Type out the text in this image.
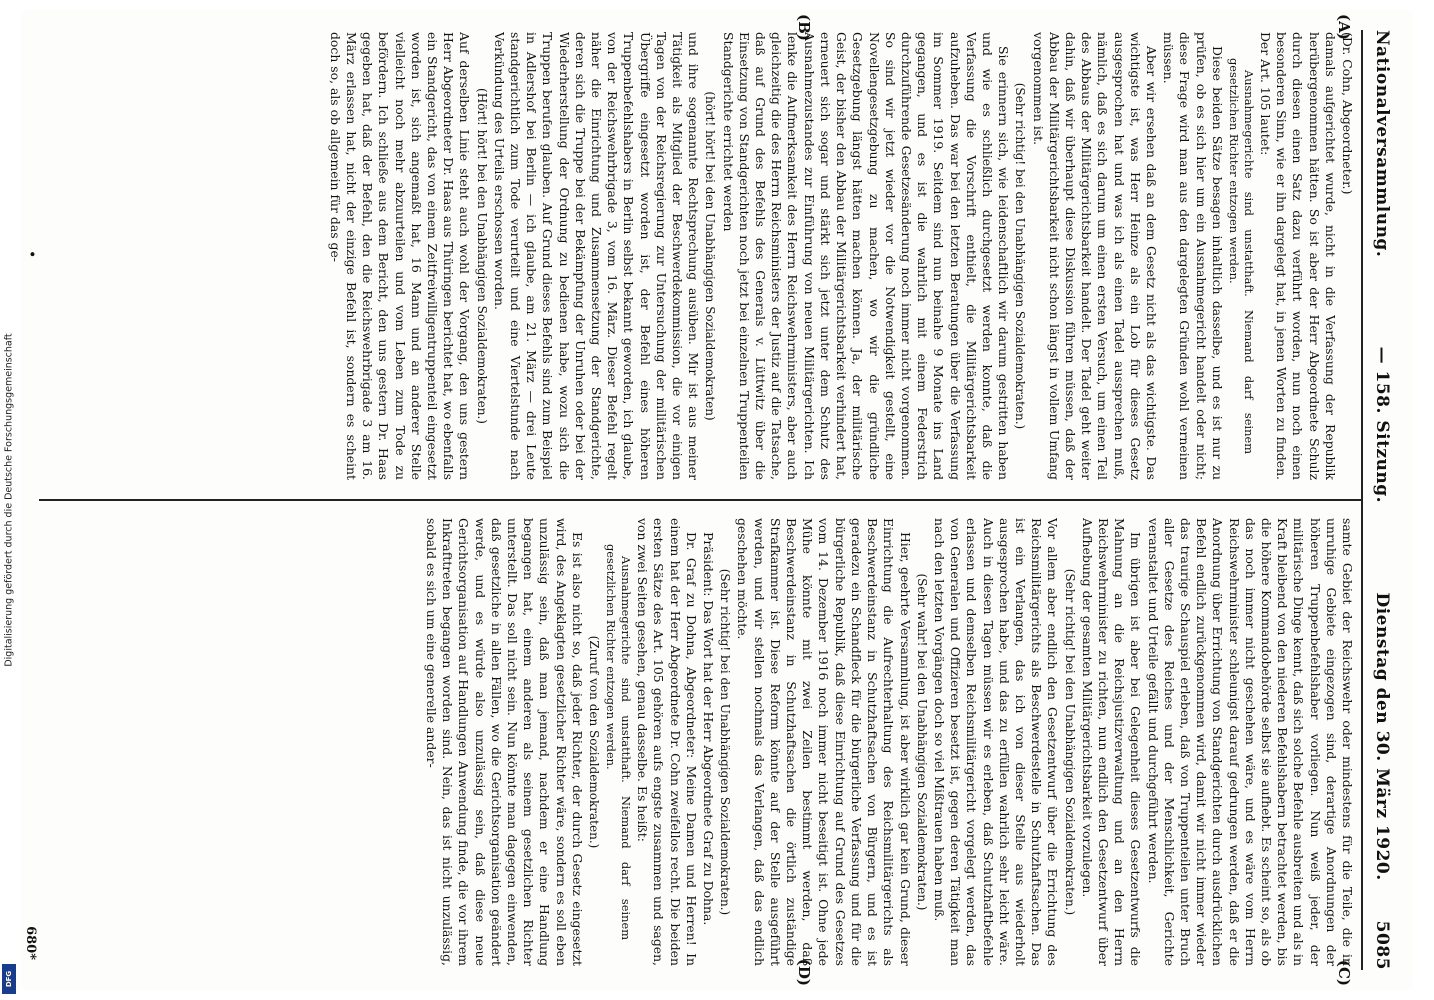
Digitalisierung gefördert durch die Deutsche Forschungsgemeinschaft
DFG
Nationalversammlung.
— 158. Sitzung.
Dienstag den 30. März 1920.
5085
(A)
(B)
(C)
(D)

(Dr. Cohn, Abgeordneter.)

damals aufgerichtet wurde, nicht in die Verfassung der Republik herübergenommen hätten. So ist aber der Herr Abgeordnete Schulz durch diesen einen Satz dazu verführt worden, nun noch einen besonderen Sinn, wie er ihn dargelegt hat, in jenen Worten zu finden. Der Art. 105 lautet:

Ausnahmegerichte sind unstatthaft. Niemand darf seinem gesetzlichen Richter entzogen werden.

Diese beiden Sätze besagen inhaltlich dasselbe, und es ist nur zu prüfen, ob es sich hier um ein Ausnahmegericht handelt oder nicht; diese Frage wird man aus den dargelegten Gründen wohl verneinen müssen.

Aber wir ersehen daß an dem Gesetz nicht als das wichtigste. Das wichtigste ist, was Herr Heinze als ein Lob für dieses Gesetz ausgesprochen hat und was ich als einen Tadel aussprechen muß, nämlich, daß es sich darum um einen ersten Versuch, um einen Teil des Abbaus der Militärgerichtsbarkeit handelt. Der Tadel geht weiter dahin, daß wir überhaupt diese Diskussion führen müssen, daß der Abbau der Militärgerichtsbarkeit nicht schon längst in vollem Umfang vorgenommen ist.

(Sehr richtig! bei den Unabhängigen Sozialdemokraten.)

Sie erinnern sich, wie leidenschaftlich wir darum gestritten haben und wie es schließlich durchgesetzt werden konnte, daß die Verfassung die Vorschrift enthielt, die Militärgerichtsbarkeit aufzuheben. Das war bei den letzten Beratungen über die Verfassung im Sommer 1919. Seitdem sind nun beinahe 9 Monate ins Land gegangen, und es ist die wahrlich mit einem Federstrich durchzuführende Gesetzesänderung noch immer nicht vorgenommen. So sind wir jetzt wieder vor die Notwendigkeit gestellt, eine Novellengesetzgebung zu machen, wo wir die gründliche Gesetzgebung längst hätten machen können. Ja, der militärische Geist, der bisher den Abbau der Militärgerichtsbarkeit verhindert hat, erneuert sich sogar und stärkt sich jetzt unter dem Schutz des Ausnahmezustandes zur Einführung von neuen Militärgerichten. Ich lenke die Aufmerksamkeit des Herrn Reichswehrministers, aber auch gleichzeitig die des Herrn Reichsministers der Justiz auf die Tatsache, daß auf Grund des Befehls des Generals v. Lüttwitz über die Einsetzung von Standgerichten noch jetzt bei einzelnen Truppenteilen Standgerichte errichtet werden

(hört! hört! bei den Unabhängigen Sozialdemokraten)

und ihre sogenannte Rechtsprechung ausüben. Mir ist aus meiner Tätigkeit als Mitglied der Beschwerdekommission, die vor einigen Tagen von der Reichsregierung zur Untersuchung der militärischen Übergriffe eingesetzt worden ist, der Befehl eines höheren Truppenbefehlshabers in Berlin selbst bekannt geworden, ich glaube, von der Reichswehrbrigade 3, vom 16. März. Dieser Befehl regelt näher die Einrichtung und Zusammensetzung der Standgerichte, deren sich die Truppe bei der Bekämpfung der Unruhen oder bei der Wiederherstellung der Ordnung zu bedienen habe, wozu sich die Truppen berufen glauben. Auf Grund dieses Befehls sind zum Beispiel in Adlershof bei Berlin — ich glaube, am 21. März — drei Leute standgerichtlich zum Tode verurteilt und eine Viertelstunde nach Verkündung des Urteils erschossen worden.

(Hört! hört! bei den Unabhängigen Sozialdemokraten.)

Auf derselben Linie steht auch wohl der Vorgang, den uns gestern Herr Abgeordneter Dr. Haas aus Thüringen berichtet hat, wo ebenfalls ein Standgericht, das von einem Zeitfreiwilligentruppenteil eingesetzt worden ist, sich angemaßt hat, 16 Mann und an anderer Stelle vielleicht noch mehr abzuurteilen und vom Leben zum Tode zu befördern. Ich schließe aus dem Bericht, den uns gestern Dr. Haas gegeben hat, daß der Befehl, den die Reichswehrbrigade 3 am 16. März erlassen hat, nicht der einzige Befehl ist, sondern es scheint doch so, als ob allgemein für das ge-

samte Gebiet der Reichswehr oder mindestens für die Teile, die in unruhige Gebiete eingezogen sind, derartige Anordnungen der höheren Truppenbefehlshaber vorliegen. Nun weiß jeder, der militärische Dinge kennt, daß sich solche Befehle ausbreiten und als in Kraft bleibend von den niederen Befehlshabern betrachtet werden, bis die höhere Kommandobehörde selbst sie aufhebt. Es scheint so, als ob das noch immer nicht geschehen wäre, und es wäre vom Herrn Reichswehrminister schleunigst darauf gedrungen werden, daß er die Anordnung über Errichtung von Standgerichten durch ausdrücklichen Befehl endlich zurückgenommen wird, damit wir nicht immer wieder das traurige Schauspiel erleben, daß von Truppenteilen unter Bruch aller Gesetze des Reiches und der Menschlichkeit, Gerichte veranstaltet und Urteile gefällt und durchgeführt werden.

Im übrigen ist aber bei Gelegenheit dieses Gesetzentwurfs die Mahnung an die Reichsjustizverwaltung und an den Herrn Reichswehrminister zu richten, nun endlich den Gesetzentwurf über Aufhebung der gesamten Militärgerichtsbarkeit vorzulegen.

(Sehr richtig! bei den Unabhängigen Sozialdemokraten.)

Vor allem aber endlich den Gesetzentwurf über die Errichtung des Reichsmilitärgerichts als Beschwerdestelle in Schutzhaftsachen. Das ist ein Verlangen, das ich von dieser Stelle aus wiederholt ausgesprochen habe, und das zu erfüllen wahrlich sehr leicht wäre. Auch in diesen Tagen müssen wir es erleben, daß Schutzhaftbefehle erlassen und demselben Reichsmilitärgericht vorgelegt werden, das von Generalen und Offizieren besetzt ist, gegen deren Tätigkeit man nach den letzten Vorgängen doch so viel Mißtrauen haben muß.

(Sehr wahr! bei den Unabhängigen Sozialdemokraten.)

Hier, geehrte Versammlung, ist aber wirklich gar kein Grund, dieser Einrichtung die Aufrechterhaltung des Reichsmilitärgerichts als Beschwerdeinstanz in Schutzhaftsachen von Bürgern, und es ist geradezu ein Schandfleck für die bürgerliche Verfassung und für die bürgerliche Republik, daß diese Einrichtung auf Grund des Gesetzes vom 14. Dezember 1916 noch immer nicht beseitigt ist. Ohne jede Mühe könnte mit zwei Zeilen bestimmt werden, daß Beschwerdeinstanz in Schutzhaftsachen die örtlich zuständige Strafkammer ist. Diese Reform könnte auf der Stelle ausgeführt werden, und wir stellen nochmals das Verlangen, daß das endlich geschehen möchte.

(Sehr richtig! bei den Unabhängigen Sozialdemokraten.)

Präsident: Das Wort hat der Herr Abgeordnete Graf zu Dohna.

Dr. Graf zu Dohna, Abgeordneter: Meine Damen und Herren! In einem hat der Herr Abgeordnete Dr. Cohn zweifellos recht. Die beiden ersten Sätze des Art. 105 gehören aufs engste zusammen und sagen, von zwei Seiten gesehen, genau dasselbe. Es heißt:

Ausnahmegerichte sind unstatthaft. Niemand darf seinem gesetzlichen Richter entzogen werden.

(Zuruf von den Sozialdemokraten.)

Es ist also nicht so, daß jeder Richter, der durch Gesetz eingesetzt wird, des Angeklagten gesetzlicher Richter wäre, sondern es soll eben unzulässig sein, daß man jemand, nachdem er eine Handlung begangen hat, einem anderen als seinem gesetzlichen Richter unterstellt. Das soll nicht sein. Nun könnte man dagegen einwenden, daß gesetzliche in allen Fällen, wo die Gerichtsorganisation geändert werde, und es würde also unzulässig sein, daß diese neue Gerichtsorganisation auf Handlungen Anwendung finde, die vor ihrem Inkrafttreten begangen worden sind. Nein, das ist nicht unzulässig, sobald es sich um eine generelle ander-

•
680*
